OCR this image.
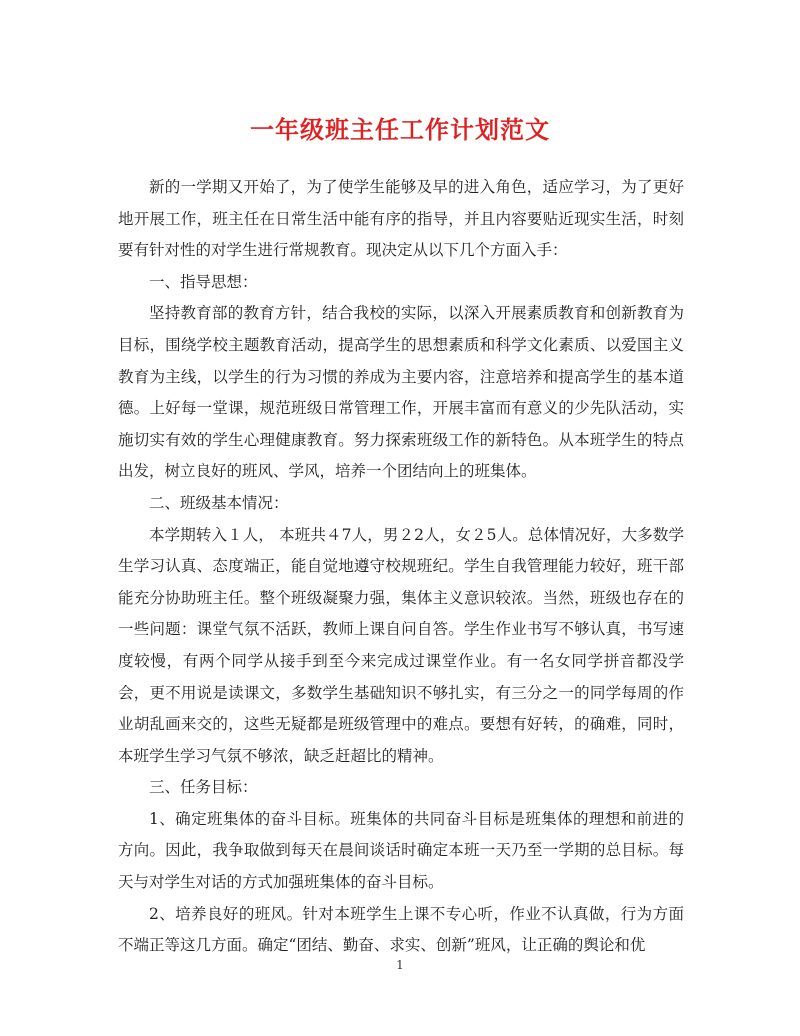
一年级班主任工作计划范文

新的一学期又开始了，为了使学生能够及早的进入角色，适应学习，为了更好地开展工作，班主任在日常生活中能有序的指导，并且内容要贴近现实生活，时刻要有针对性的对学生进行常规教育。现决定从以下几个方面入手：

一、指导思想：

坚持教育部的教育方针，结合我校的实际，以深入开展素质教育和创新教育为目标，围绕学校主题教育活动，提高学生的思想素质和科学文化素质、以爱国主义教育为主线，以学生的行为习惯的养成为主要内容，注意培养和提高学生的基本道德。上好每一堂课，规范班级日常管理工作，开展丰富而有意义的少先队活动，实施切实有效的学生心理健康教育。努力探索班级工作的新特色。从本班学生的特点出发，树立良好的班风、学风，培养一个团结向上的班集体。

二、班级基本情况：

本学期转入１人， 本班共４7人，男２2人，女２5人。总体情况好，大多数学生学习认真、态度端正，能自觉地遵守校规班纪。学生自我管理能力较好，班干部能充分协助班主任。整个班级凝聚力强，集体主义意识较浓。当然，班级也存在的一些问题：课堂气氛不活跃，教师上课自问自答。学生作业书写不够认真，书写速度较慢，有两个同学从接手到至今来完成过课堂作业。有一名女同学拼音都没学会，更不用说是读课文，多数学生基础知识不够扎实，有三分之一的同学每周的作业胡乱画来交的，这些无疑都是班级管理中的难点。要想有好转，的确难，同时，本班学生学习气氛不够浓，缺乏赶超比的精神。

三、任务目标：

1、确定班集体的奋斗目标。班集体的共同奋斗目标是班集体的理想和前进的方向。因此，我争取做到每天在晨间谈话时确定本班一天乃至一学期的总目标。每天与对学生对话的方式加强班集体的奋斗目标。

2、培养良好的班风。针对本班学生上课不专心听，作业不认真做，行为方面不端正等这几方面。确定“团结、勤奋、求实、创新”班风，让正确的舆论和优

1
